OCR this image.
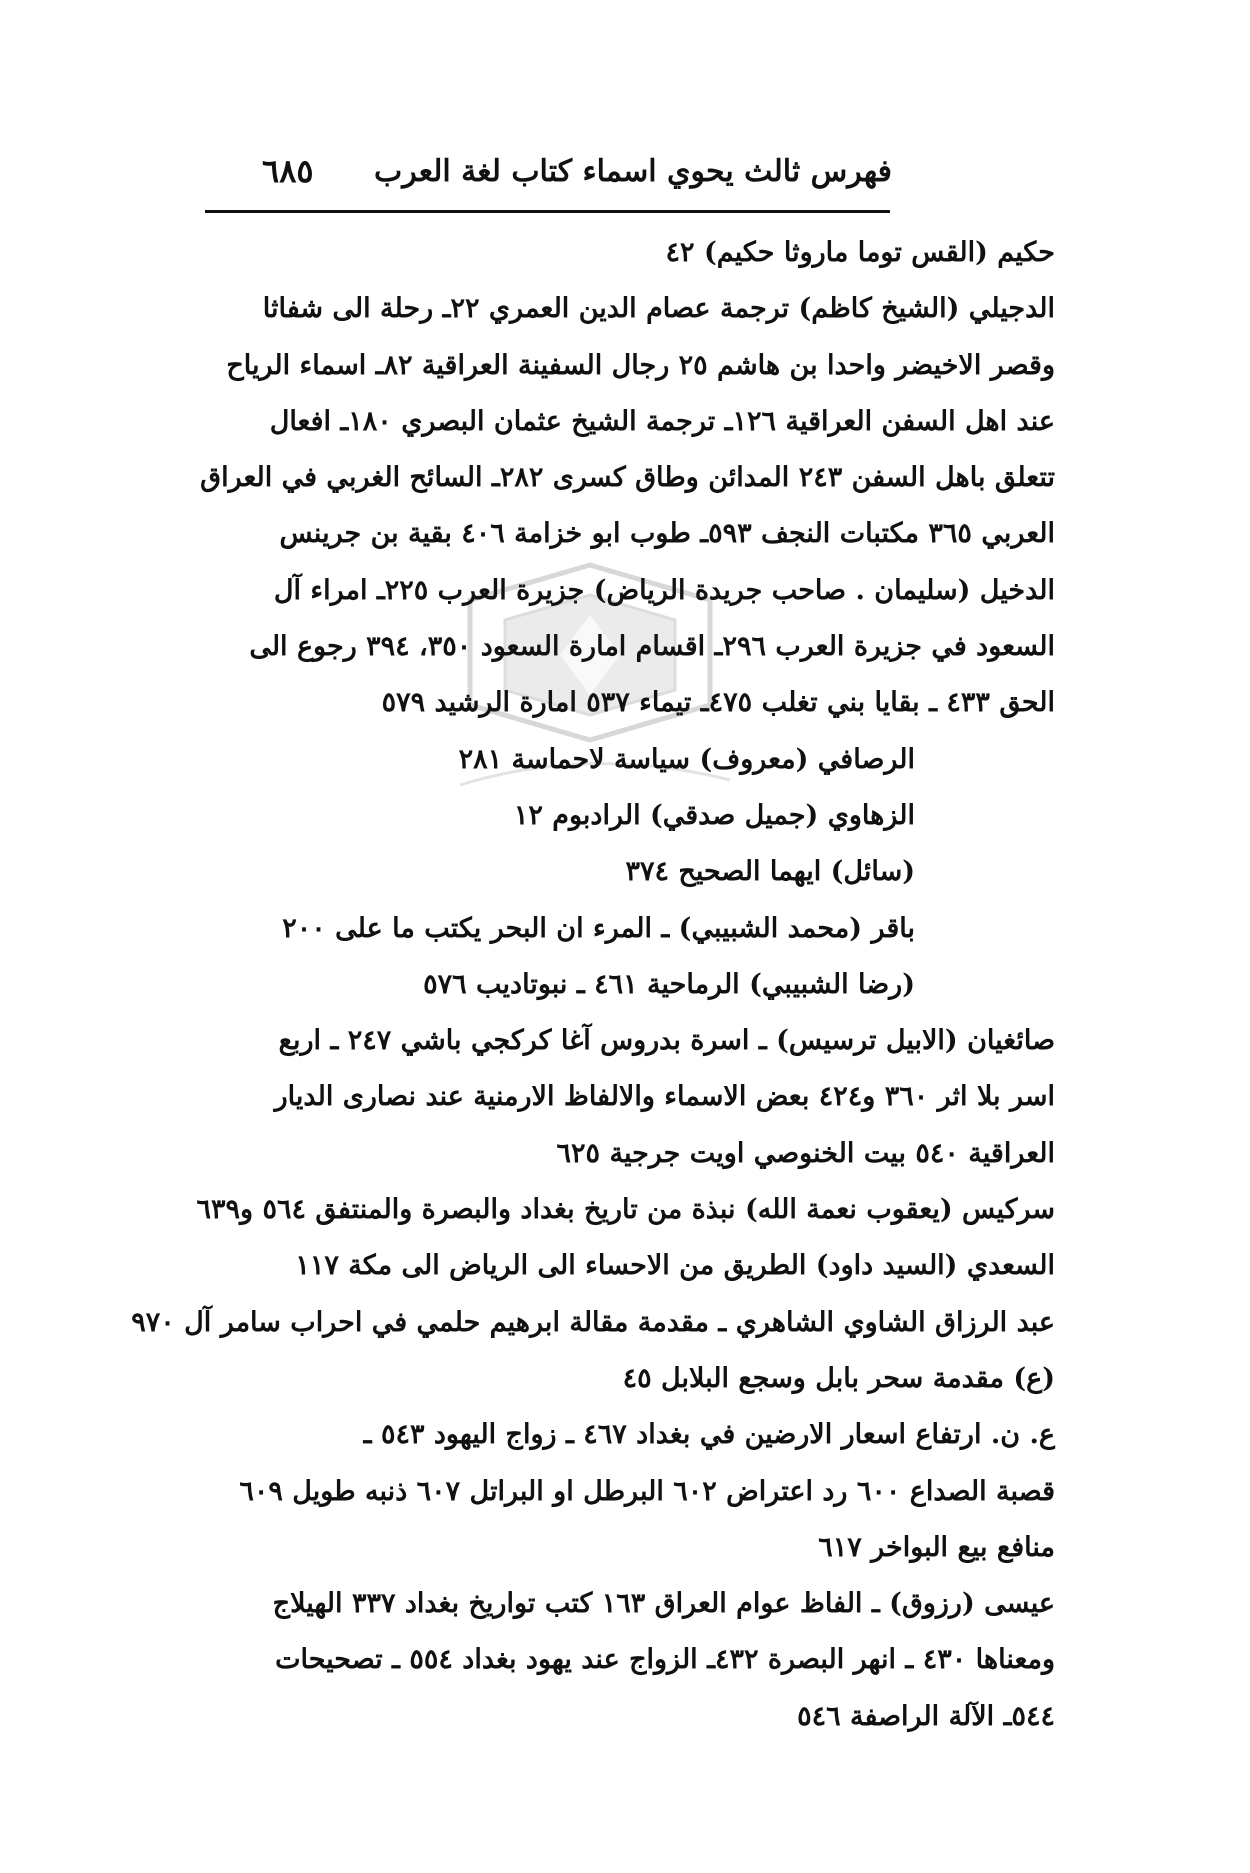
فهرس ثالث يحوي اسماء كتاب لغة العرب
٦٨٥
حكيم (القس توما ماروثا حكيم) ٤٢
الدجيلي (الشيخ كاظم) ترجمة عصام الدين العمري ٢٢ـ رحلة الى شفاثا
وقصر الاخيضر واحدا بن هاشم ٢٥ رجال السفينة العراقية ٨٢ـ اسماء الرياح
عند اهل السفن العراقية ١٢٦ـ ترجمة الشيخ عثمان البصري ١٨٠ـ افعال
تتعلق باهل السفن ٢٤٣ المدائن وطاق كسرى ٢٨٢ـ السائح الغربي في العراق
العربي ٣٦٥ مكتبات النجف ٥٩٣ـ طوب ابو خزامة ٤٠٦ بقية بن جرينس
الدخيل (سليمان . صاحب جريدة الرياض) جزيرة العرب ٢٢٥ـ امراء آل
السعود في جزيرة العرب ٢٩٦ـ اقسام امارة السعود ٣٥٠، ٣٩٤ رجوع الى
الحق ٤٣٣ ـ بقايا بني تغلب ٤٧٥ـ تيماء ٥٣٧ امارة الرشيد ٥٧٩
الرصافي (معروف) سياسة لاحماسة ٢٨١
الزهاوي (جميل صدقي) الرادبوم ١٢
(سائل) ايهما الصحيح ٣٧٤
باقر (محمد الشبيبي) ـ المرء ان البحر يكتب ما على ٢٠٠
(رضا الشبيبي) الرماحية ٤٦١ ـ نبوتاديب ٥٧٦
صائغيان (الابيل ترسيس) ـ اسرة بدروس آغا كركجي باشي ٢٤٧ ـ اربع
اسر بلا اثر ٣٦٠ و٤٢٤ بعض الاسماء والالفاظ الارمنية عند نصارى الديار
العراقية ٥٤٠ بيت الخنوصي اويت جرجية ٦٢٥
سركيس (يعقوب نعمة الله) نبذة من تاريخ بغداد والبصرة والمنتفق ٥٦٤ و٦٣٩
السعدي (السيد داود) الطريق من الاحساء الى الرياض الى مكة ١١٧
عبد الرزاق الشاوي الشاهري ـ مقدمة مقالة ابرهيم حلمي في احراب سامر آل ٩٧٠
(ع) مقدمة سحر بابل وسجع البلابل ٤٥
ع. ن. ارتفاع اسعار الارضين في بغداد ٤٦٧ ـ زواج اليهود ٥٤٣ ـ
قصبة الصداع ٦٠٠ رد اعتراض ٦٠٢ البرطل او البراتل ٦٠٧ ذنبه طويل ٦٠٩
منافع بيع البواخر ٦١٧
عيسى (رزوق) ـ الفاظ عوام العراق ١٦٣ كتب تواريخ بغداد ٣٣٧ الهيلاج
ومعناها ٤٣٠ ـ انهر البصرة ٤٣٢ـ الزواج عند يهود بغداد ٥٥٤ ـ تصحيحات
٥٤٤ـ الآلة الراصفة ٥٤٦
